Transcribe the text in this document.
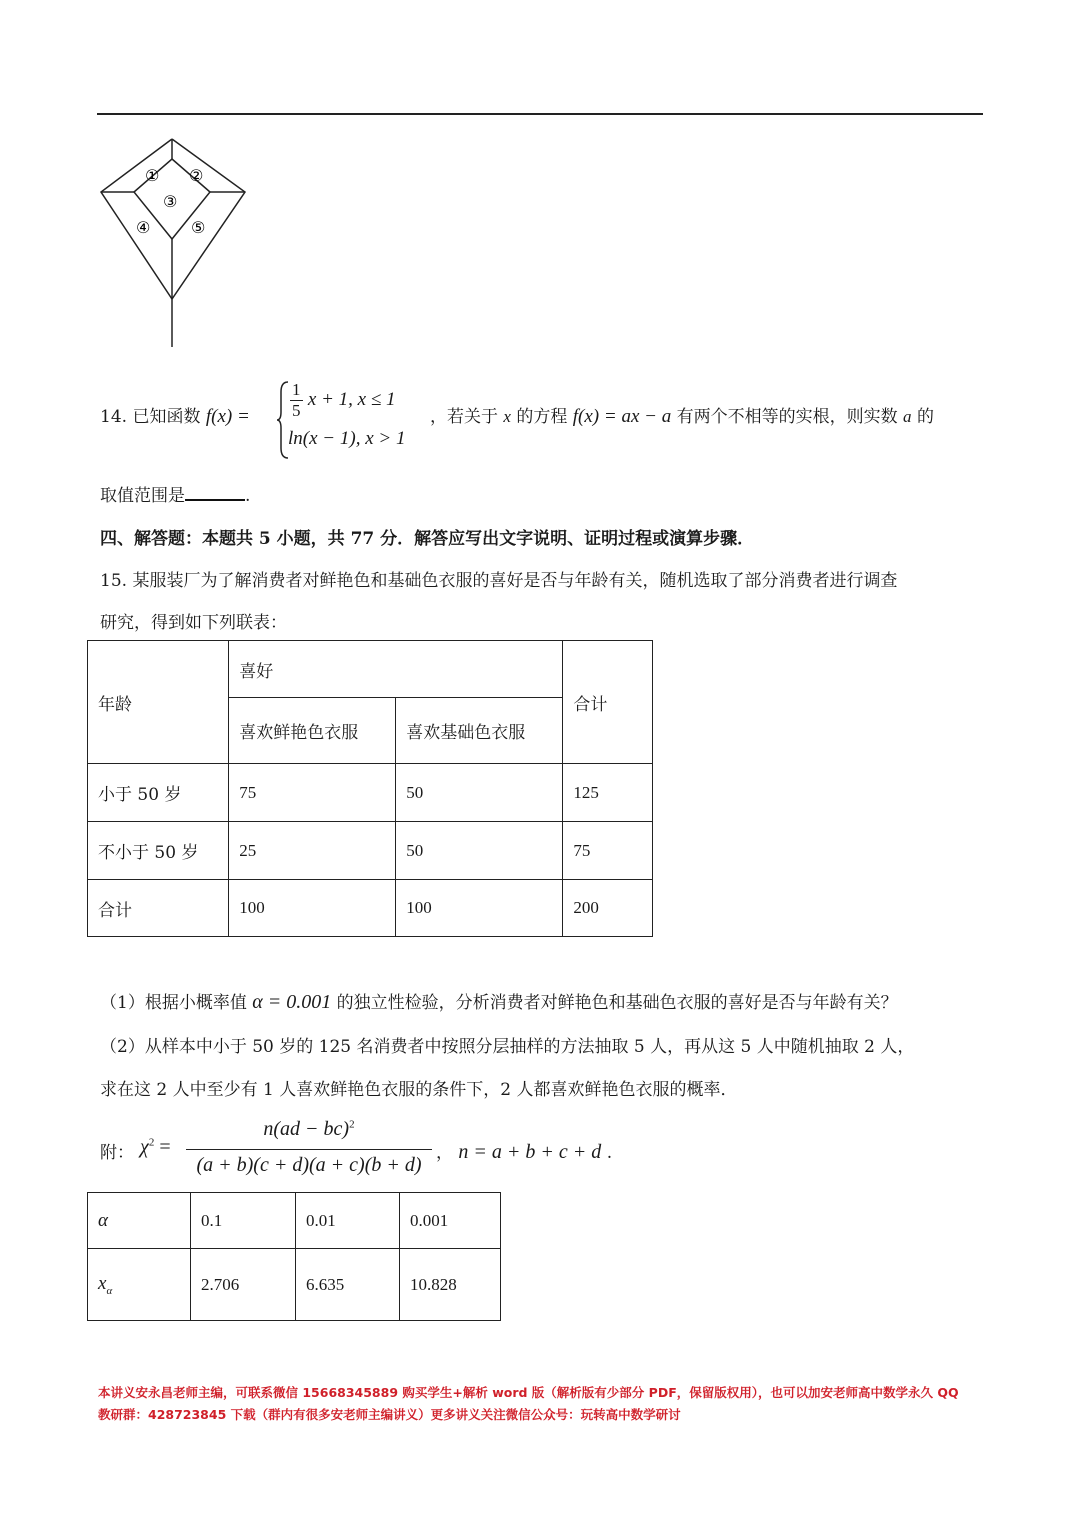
① ②
③
④	⑤
14. 已知函数 $f(x) = \frac{1}{5}$ x + 1, x ≤ 1
ln(x − 1), x > 1
，若关于 x 的方程 f(x) = ax − a 有两个不相等的实根，则实数 a 的
取值范围是	.
四、解答题：本题共 5 小题，共 77 分．解答应写出文字说明、证明过程或演算步骤．
15. 某服装厂为了解消费者对鲜艳色和基础色衣服的喜好是否与年龄有关，随机选取了部分消费者进行调查
研究，得到如下列联表：
年龄	喜好		合计
	喜欢鲜艳色衣服	喜欢基础色衣服	
小于 50 岁	75	50	125
不小于 50 岁	25	50	75
合计	100	100	200
（1）根据小概率值 α = 0.001 的独立性检验，分析消费者对鲜艳色和基础色衣服的喜好是否与年龄有关？
（2）从样本中小于 50 岁的 125 名消费者中按照分层抽样的方法抽取 5 人，再从这 5 人中随机抽取 2 人，
求在这 2 人中至少有 1 人喜欢鲜艳色衣服的条件下，2 人都喜欢鲜艳色衣服的概率．
附： $\chi^2$ =
n(ad − bc)$^2$
(a + b)(c + d)(a + c)(b + d)
， n = a + b + c + d .
α	0.1	0.01	0.001
$x_\alpha$	2.706	6.635	10.828
本讲义安永昌老师主编，可联系微信 15668345889 购买学生+解析 word 版（解析版有少部分 PDF，保留版权用），也可以加安老师高中数学永久 QQ
教研群：428723845 下载（群内有很多安老师主编讲义）更多讲义关注微信公众号：玩转高中数学研讨
